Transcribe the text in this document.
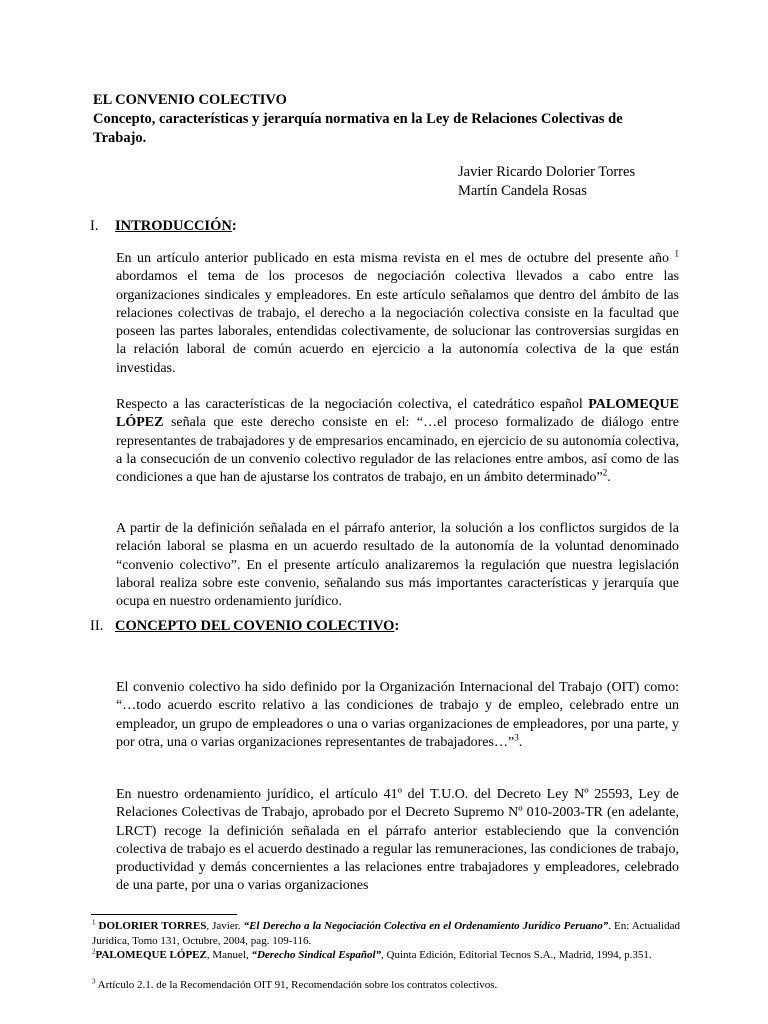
EL CONVENIO COLECTIVO
Concepto, características y jerarquía normativa en la Ley de Relaciones Colectivas de Trabajo.
Javier Ricardo Dolorier Torres
Martín Candela Rosas
I. INTRODUCCIÓN:

En un artículo anterior publicado en esta misma revista en el mes de octubre del presente año $^1$ abordamos el tema de los procesos de negociación colectiva llevados a cabo entre las organizaciones sindicales y empleadores. En este artículo señalamos que dentro del ámbito de las relaciones colectivas de trabajo, el derecho a la negociación colectiva consiste en la facultad que poseen las partes laborales, entendidas colectivamente, de solucionar las controversias surgidas en la relación laboral de común acuerdo en ejercicio a la autonomía colectiva de la que están investidas.

Respecto a las características de la negociación colectiva, el catedrático español PALOMEQUE LÓPEZ señala que este derecho consiste en el: “…el proceso formalizado de diálogo entre representantes de trabajadores y de empresarios encaminado, en ejercicio de su autonomía colectiva, a la consecución de un convenio colectivo regulador de las relaciones entre ambos, así como de las condiciones a que han de ajustarse los contratos de trabajo, en un ámbito determinado”$^2$.

A partir de la definición señalada en el párrafo anterior, la solución a los conflictos surgidos de la relación laboral se plasma en un acuerdo resultado de la autonomía de la voluntad denominado “convenio colectivo”. En el presente artículo analizaremos la regulación que nuestra legislación laboral realiza sobre este convenio, señalando sus más importantes características y jerarquía que ocupa en nuestro ordenamiento jurídico.

II. CONCEPTO DEL COVENIO COLECTIVO:

El convenio colectivo ha sido definido por la Organización Internacional del Trabajo (OIT) como: “…todo acuerdo escrito relativo a las condiciones de trabajo y de empleo, celebrado entre un empleador, un grupo de empleadores o una o varias organizaciones de empleadores, por una parte, y por otra, una o varias organizaciones representantes de trabajadores…”$^3$.

En nuestro ordenamiento jurídico, el artículo 41º del T.U.O. del Decreto Ley Nº 25593, Ley de Relaciones Colectivas de Trabajo, aprobado por el Decreto Supremo Nº 010-2003-TR (en adelante, LRCT) recoge la definición señalada en el párrafo anterior estableciendo que la convención colectiva de trabajo es el acuerdo destinado a regular las remuneraciones, las condiciones de trabajo, productividad y demás concernientes a las relaciones entre trabajadores y empleadores, celebrado de una parte, por una o varias organizaciones

$^1$ DOLORIER TORRES, Javier. “El Derecho a la Negociación Colectiva en el Ordenamiento Jurídico Peruano”. En: Actualidad Jurídica, Tomo 131, Octubre, 2004, pag. 109-116.

$^2$PALOMEQUE LÓPEZ, Manuel, “Derecho Sindical Español”, Quinta Edición, Editorial Tecnos S.A., Madrid, 1994, p.351.

$^3$ Artículo 2.1. de la Recomendación OIT 91, Recomendación sobre los contratos colectivos.
